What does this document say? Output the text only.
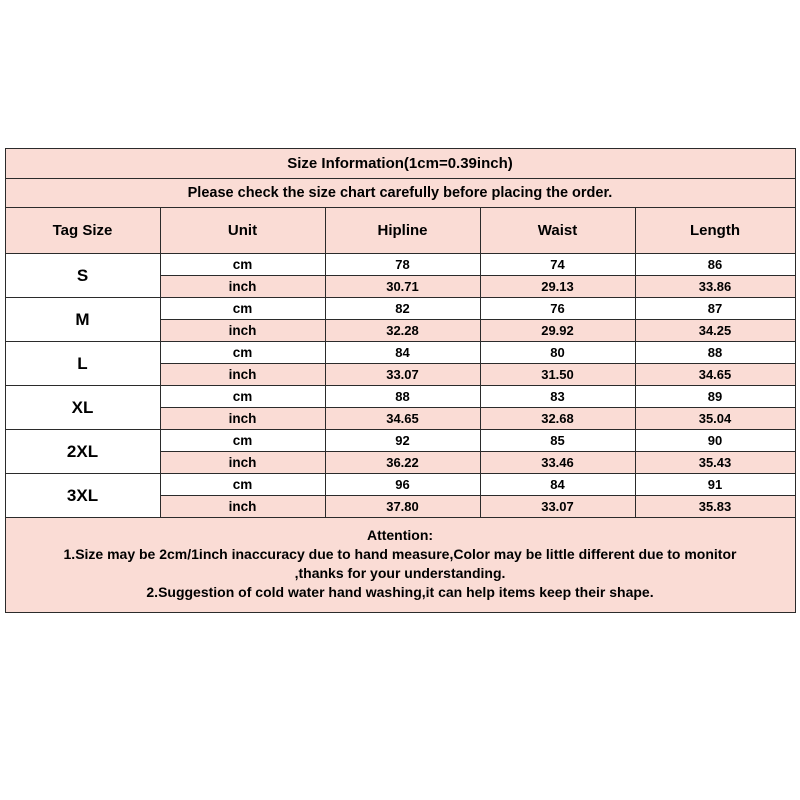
Size Information(1cm=0.39inch)				
Please check the size chart carefully before placing the order.				
Tag Size	Unit	Hipline	Waist	Length
S	cm	78	74	86
	inch	30.71	29.13	33.86
M	cm	82	76	87
	inch	32.28	29.92	34.25
L	cm	84	80	88
	inch	33.07	31.50	34.65
XL	cm	88	83	89
	inch	34.65	32.68	35.04
2XL	cm	92	85	90
	inch	36.22	33.46	35.43
3XL	cm	96	84	91
	inch	37.80	33.07	35.83

Attention:
1.Size may be 2cm/1inch inaccuracy due to hand measure,Color may be little different due to monitor
,thanks for your understanding.
2.Suggestion of cold water hand washing,it can help items keep their shape.				
